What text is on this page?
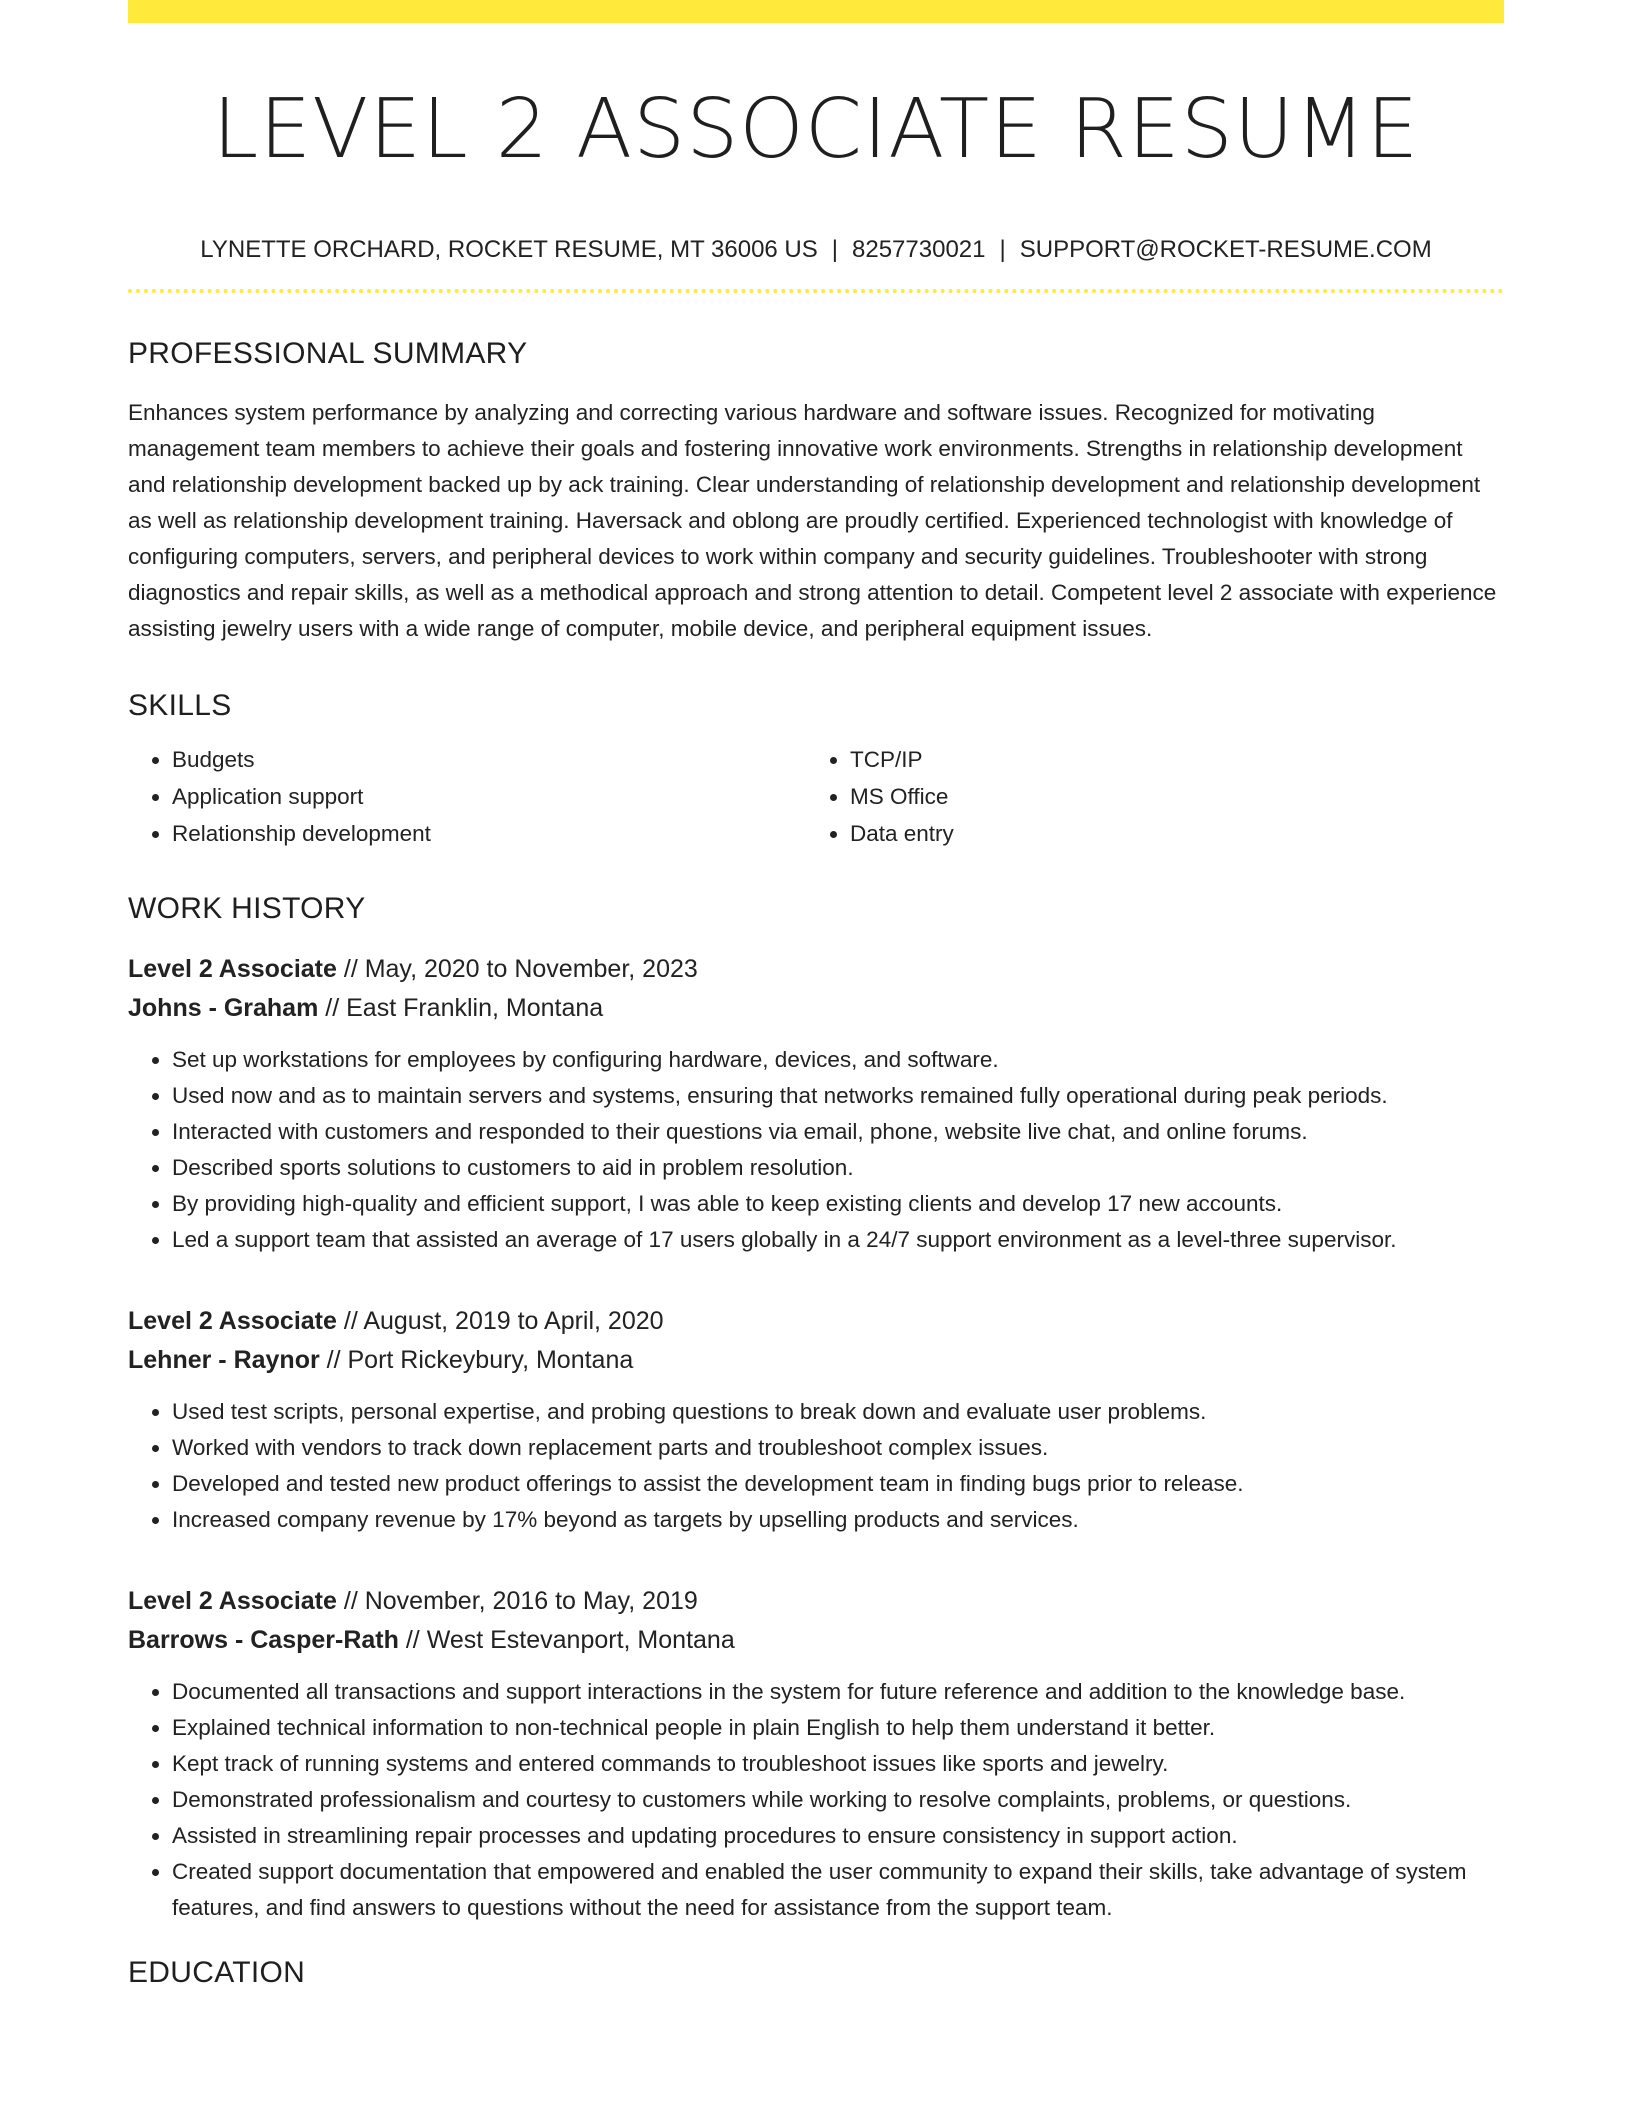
LEVEL 2 ASSOCIATE RESUME
LYNETTE ORCHARD, ROCKET RESUME, MT 36006 US | 8257730021 | SUPPORT@ROCKET-RESUME.COM
PROFESSIONAL SUMMARY
Enhances system performance by analyzing and correcting various hardware and software issues. Recognized for motivating management team members to achieve their goals and fostering innovative work environments. Strengths in relationship development and relationship development backed up by ack training. Clear understanding of relationship development and relationship development as well as relationship development training. Haversack and oblong are proudly certified. Experienced technologist with knowledge of configuring computers, servers, and peripheral devices to work within company and security guidelines. Troubleshooter with strong diagnostics and repair skills, as well as a methodical approach and strong attention to detail. Competent level 2 associate with experience assisting jewelry users with a wide range of computer, mobile device, and peripheral equipment issues.
SKILLS
• Budgets
• Application support
• Relationship development
• TCP/IP
• MS Office
• Data entry
WORK HISTORY
Level 2 Associate // May, 2020 to November, 2023
Johns - Graham // East Franklin, Montana
• Set up workstations for employees by configuring hardware, devices, and software.
• Used now and as to maintain servers and systems, ensuring that networks remained fully operational during peak periods.
• Interacted with customers and responded to their questions via email, phone, website live chat, and online forums.
• Described sports solutions to customers to aid in problem resolution.
• By providing high-quality and efficient support, I was able to keep existing clients and develop 17 new accounts.
• Led a support team that assisted an average of 17 users globally in a 24/7 support environment as a level-three supervisor.
Level 2 Associate // August, 2019 to April, 2020
Lehner - Raynor // Port Rickeybury, Montana
• Used test scripts, personal expertise, and probing questions to break down and evaluate user problems.
• Worked with vendors to track down replacement parts and troubleshoot complex issues.
• Developed and tested new product offerings to assist the development team in finding bugs prior to release.
• Increased company revenue by 17% beyond as targets by upselling products and services.
Level 2 Associate // November, 2016 to May, 2019
Barrows - Casper-Rath // West Estevanport, Montana
• Documented all transactions and support interactions in the system for future reference and addition to the knowledge base.
• Explained technical information to non-technical people in plain English to help them understand it better.
• Kept track of running systems and entered commands to troubleshoot issues like sports and jewelry.
• Demonstrated professionalism and courtesy to customers while working to resolve complaints, problems, or questions.
• Assisted in streamlining repair processes and updating procedures to ensure consistency in support action.
• Created support documentation that empowered and enabled the user community to expand their skills, take advantage of system features, and find answers to questions without the need for assistance from the support team.
EDUCATION
